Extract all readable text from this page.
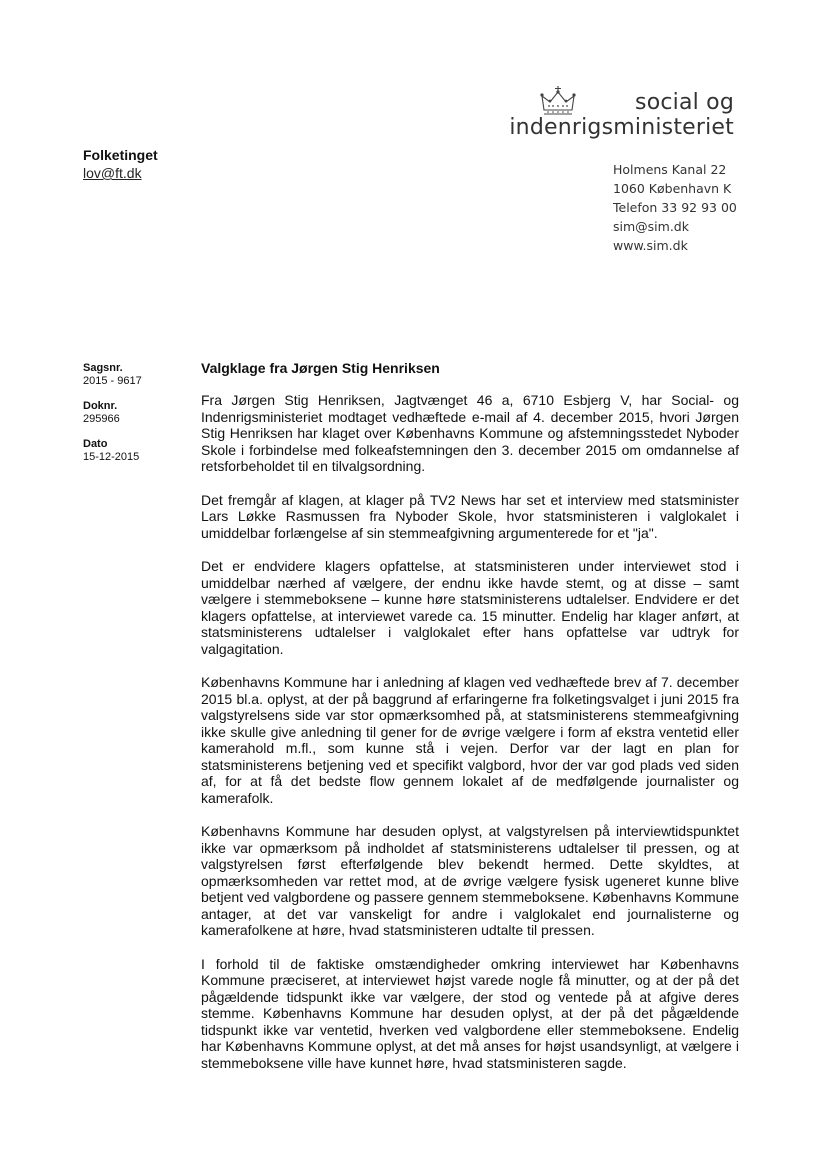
social og
indenrigsministeriet
Holmens Kanal 22
1060 København K
Telefon 33 92 93 00
sim@sim.dk
www.sim.dk
Folketinget
lov@ft.dk
Sagsnr.
2015 - 9617
Doknr.
295966
Dato
15-12-2015
Valgklage fra Jørgen Stig Henriksen

Fra Jørgen Stig Henriksen, Jagtvænget 46 a, 6710 Esbjerg V, har Social- og Indenrigsministeriet modtaget vedhæftede e-mail af 4. december 2015, hvori Jørgen Stig Henriksen har klaget over Københavns Kommune og afstemningsstedet Nyboder Skole i forbindelse med folkeafstemningen den 3. december 2015 om omdannelse af retsforbeholdet til en tilvalgsordning.

Det fremgår af klagen, at klager på TV2 News har set et interview med statsminister Lars Løkke Rasmussen fra Nyboder Skole, hvor statsministeren i valglokalet i umiddelbar forlængelse af sin stemmeafgivning argumenterede for et "ja".

Det er endvidere klagers opfattelse, at statsministeren under interviewet stod i umiddelbar nærhed af vælgere, der endnu ikke havde stemt, og at disse – samt vælgere i stemmeboksene – kunne høre statsministerens udtalelser. Endvidere er det klagers opfattelse, at interviewet varede ca. 15 minutter. Endelig har klager anført, at statsministerens udtalelser i valglokalet efter hans opfattelse var udtryk for valgagitation.

Københavns Kommune har i anledning af klagen ved vedhæftede brev af 7. december 2015 bl.a. oplyst, at der på baggrund af erfaringerne fra folketingsvalget i juni 2015 fra valgstyrelsens side var stor opmærksomhed på, at statsministerens stemmeafgivning ikke skulle give anledning til gener for de øvrige vælgere i form af ekstra ventetid eller kamerahold m.fl., som kunne stå i vejen. Derfor var der lagt en plan for statsministerens betjening ved et specifikt valgbord, hvor der var god plads ved siden af, for at få det bedste flow gennem lokalet af de medfølgende journalister og kamerafolk.

Københavns Kommune har desuden oplyst, at valgstyrelsen på interviewtidspunktet ikke var opmærksom på indholdet af statsministerens udtalelser til pressen, og at valgstyrelsen først efterfølgende blev bekendt hermed. Dette skyldtes, at opmærksomheden var rettet mod, at de øvrige vælgere fysisk ugeneret kunne blive betjent ved valgbordene og passere gennem stemmeboksene. Københavns Kommune antager, at det var vanskeligt for andre i valglokalet end journalisterne og kamerafolkene at høre, hvad statsministeren udtalte til pressen.

I forhold til de faktiske omstændigheder omkring interviewet har Københavns Kommune præciseret, at interviewet højst varede nogle få minutter, og at der på det pågældende tidspunkt ikke var vælgere, der stod og ventede på at afgive deres stemme. Københavns Kommune har desuden oplyst, at der på det pågældende tidspunkt ikke var ventetid, hverken ved valgbordene eller stemmeboksene. Endelig har Københavns Kommune oplyst, at det må anses for højst usandsynligt, at vælgere i stemmeboksene ville have kunnet høre, hvad statsministeren sagde.
